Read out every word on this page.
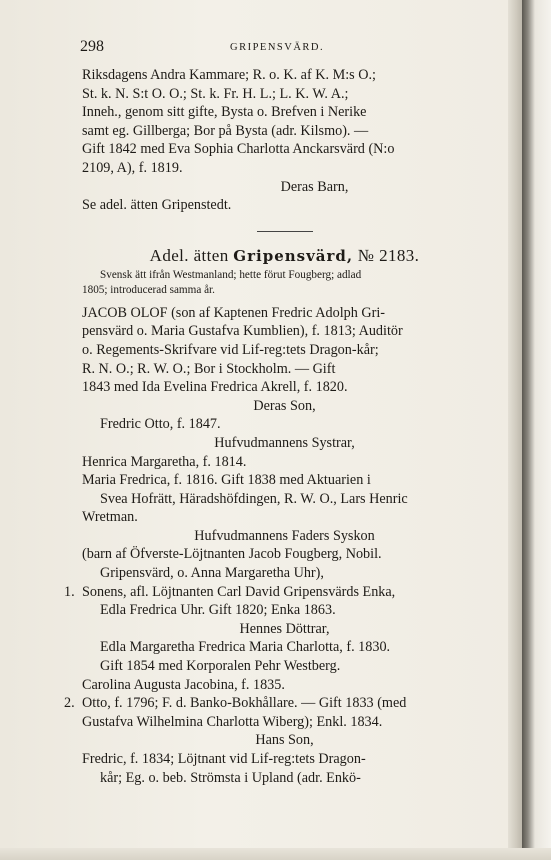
298	GRIPENSVÄRD.
Riksdagens Andra Kammare; R. o. K. af K. M:s O.;
St. k. N. S:t O. O.; St. k. Fr. H. L.; L. K. W. A.;
Inneh., genom sitt gifte, Bysta o. Brefven i Nerike
samt eg. Gillberga; Bor på Bysta (adr. Kilsmo). —
Gift 1842 med Eva Sophia Charlotta Anckarsvärd (N:o
2109, A), f. 1819.
Deras Barn,
Se adel. ätten Gripenstedt.
Adel. ätten Gripensvärd, № 2183.
Svensk ätt ifrån Westmanland; hette förut Fougberg; adlad
1805; introducerad samma år.
JACOB OLOF (son af Kaptenen Fredric Adolph Gri-
pensvärd o. Maria Gustafva Kumblien), f. 1813; Auditör
o. Regements-Skrifvare vid Lif-reg:tets Dragon-kår;
R. N. O.; R. W. O.; Bor i Stockholm. — Gift
1843 med Ida Evelina Fredrica Akrell, f. 1820.
Deras Son,
Fredric Otto, f. 1847.
Hufvudmannens Systrar,
Henrica Margaretha, f. 1814.
Maria Fredrica, f. 1816. Gift 1838 med Aktuarien i
Svea Hofrätt, Häradshöfdingen, R. W. O., Lars Henric
Wretman.
Hufvudmannens Faders Syskon
(barn af Öfverste-Löjtnanten Jacob Fougberg, Nobil.
Gripensvärd, o. Anna Margaretha Uhr),
1. Sonens, afl. Löjtnanten Carl David Gripensvärds Enka,
Edla Fredrica Uhr. Gift 1820; Enka 1863.
Hennes Döttrar,
Edla Margaretha Fredrica Maria Charlotta, f. 1830.
Gift 1854 med Korporalen Pehr Westberg.
Carolina Augusta Jacobina, f. 1835.
2. Otto, f. 1796; F. d. Banko-Bokhållare. — Gift 1833 (med
Gustafva Wilhelmina Charlotta Wiberg); Enkl. 1834.
Hans Son,
Fredric, f. 1834; Löjtnant vid Lif-reg:tets Dragon-
kår; Eg. o. beb. Strömsta i Upland (adr. Enkö-
